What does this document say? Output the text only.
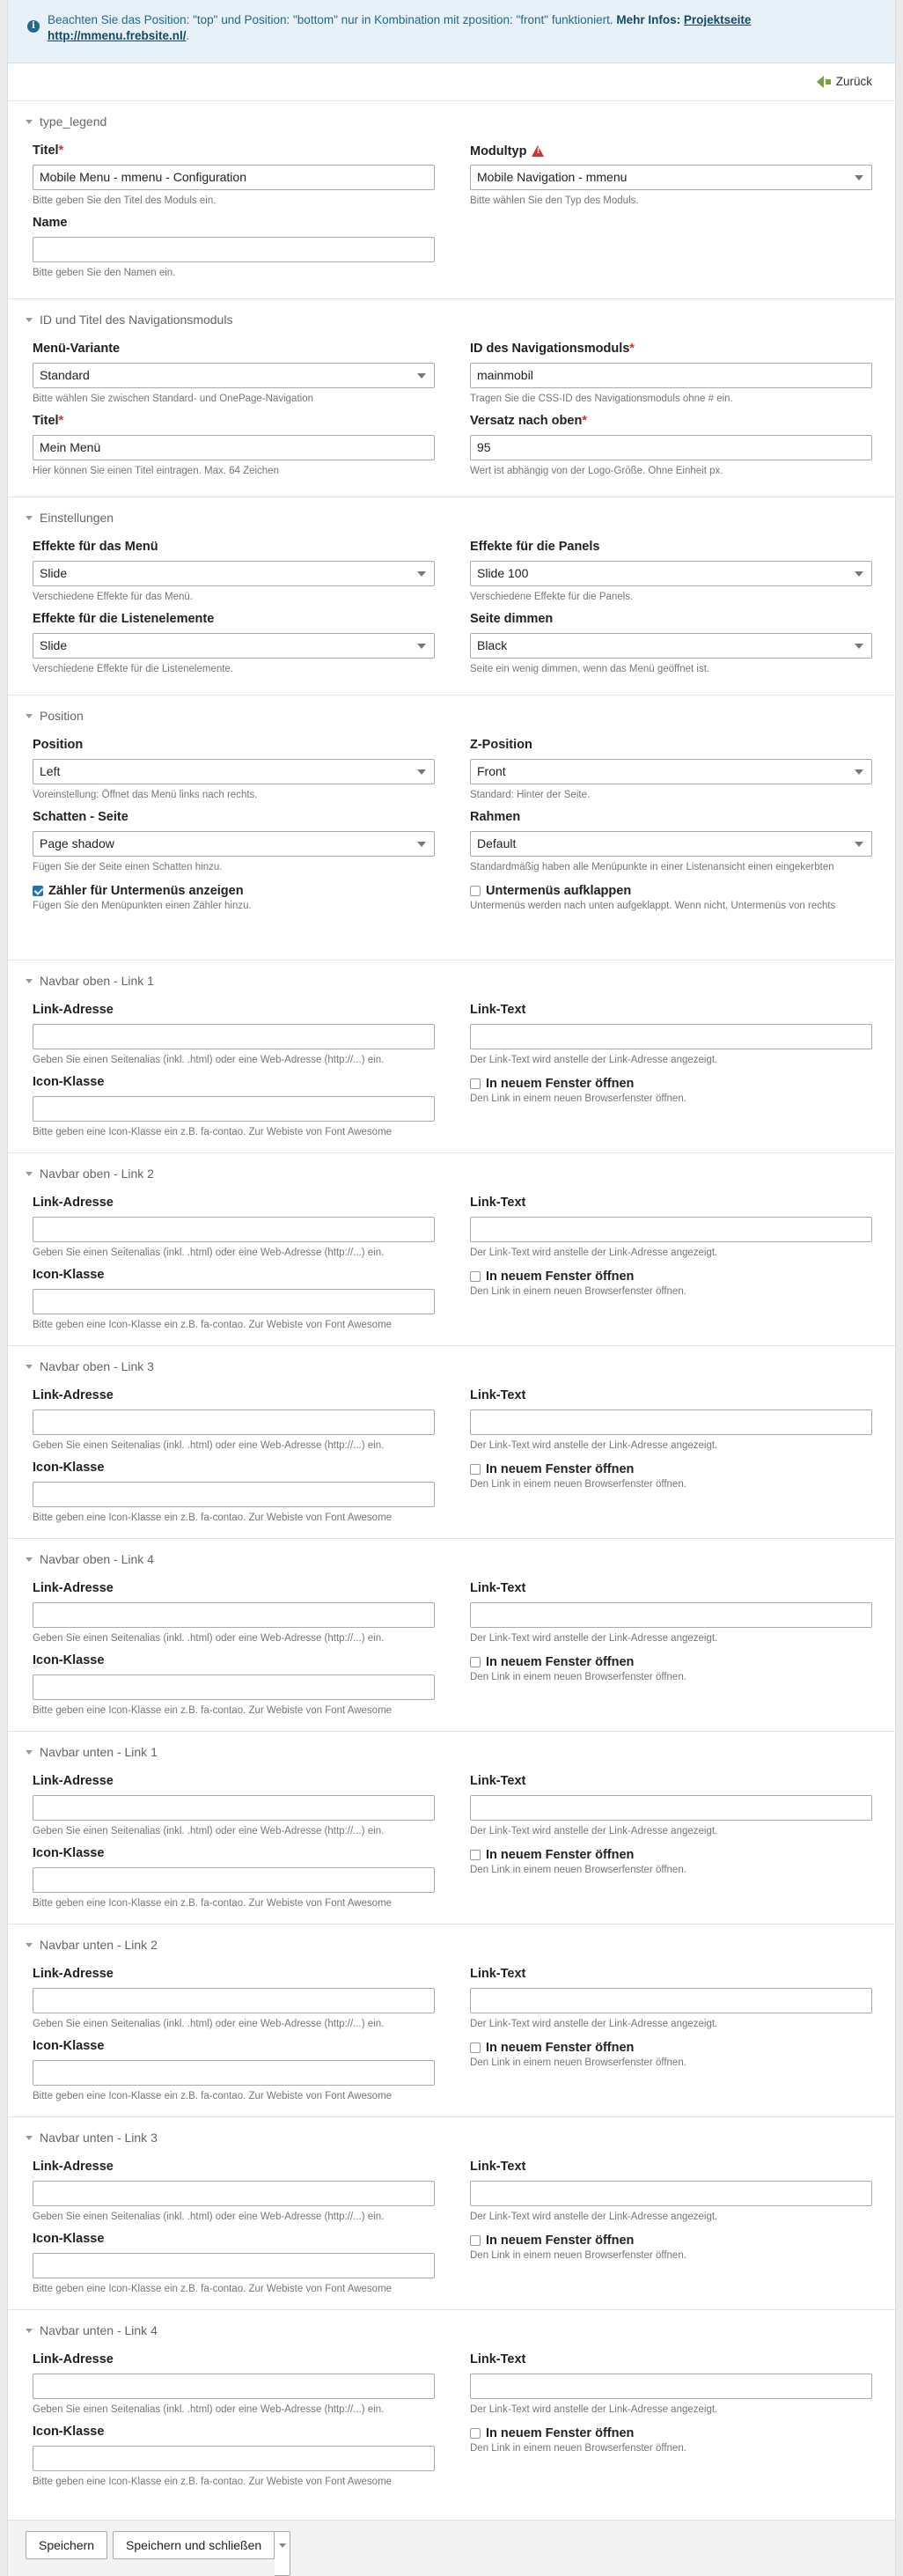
i	Beachten Sie das Position: "top" und Position: "bottom" nur in Kombination mit zposition: "front" funktioniert. Mehr Infos: Projektseite
http://mmenu.frebsite.nl/.
Zurück
type_legend
Titel*
Mobile Menu - mmenu - Configuration
Bitte geben Sie den Titel des Moduls ein.
Modultyp!
Mobile Navigation - mmenu
Bitte wählen Sie den Typ des Moduls.
Name
Bitte geben Sie den Namen ein.
ID und Titel des Navigationsmoduls
Menü-Variante
Standard
Bitte wählen Sie zwischen Standard- und OnePage-Navigation
ID des Navigationsmoduls*
mainmobil
Tragen Sie die CSS-ID des Navigationsmoduls ohne # ein.
Titel*
Mein Menü
Hier können Sie einen Titel eintragen. Max. 64 Zeichen
Versatz nach oben*
95
Wert ist abhängig von der Logo-Größe. Ohne Einheit px.
Einstellungen
Effekte für das Menü
Slide
Verschiedene Effekte für das Menü.
Effekte für die Panels
Slide 100
Verschiedene Effekte für die Panels.
Effekte für die Listenelemente
Slide
Verschiedene Effekte für die Listenelemente.
Seite dimmen
Black
Seite ein wenig dimmen, wenn das Menü geöffnet ist.
Position
Position
Left
Voreinstellung: Öffnet das Menü links nach rechts.
Z-Position
Front
Standard: Hinter der Seite.
Schatten - Seite
Page shadow
Fügen Sie der Seite einen Schatten hinzu.
Rahmen
Default
Standardmäßig haben alle Menüpunkte in einer Listenansicht einen eingekerbten
Zähler für Untermenüs anzeigen
Fügen Sie den Menüpunkten einen Zähler hinzu.
Untermenüs aufklappen
Untermenüs werden nach unten aufgeklappt. Wenn nicht, Untermenüs von rechts
Navbar oben - Link 1
Link-Adresse
Geben Sie einen Seitenalias (inkl. .html) oder eine Web-Adresse (http://...) ein.
Link-Text
Der Link-Text wird anstelle der Link-Adresse angezeigt.
Icon-Klasse
Bitte geben eine Icon-Klasse ein z.B. fa-contao. Zur Webiste von Font Awesome
In neuem Fenster öffnen
Den Link in einem neuen Browserfenster öffnen.
Navbar oben - Link 2
Link-Adresse
Geben Sie einen Seitenalias (inkl. .html) oder eine Web-Adresse (http://...) ein.
Link-Text
Der Link-Text wird anstelle der Link-Adresse angezeigt.
Icon-Klasse
Bitte geben eine Icon-Klasse ein z.B. fa-contao. Zur Webiste von Font Awesome
In neuem Fenster öffnen
Den Link in einem neuen Browserfenster öffnen.
Navbar oben - Link 3
Link-Adresse
Geben Sie einen Seitenalias (inkl. .html) oder eine Web-Adresse (http://...) ein.
Link-Text
Der Link-Text wird anstelle der Link-Adresse angezeigt.
Icon-Klasse
Bitte geben eine Icon-Klasse ein z.B. fa-contao. Zur Webiste von Font Awesome
In neuem Fenster öffnen
Den Link in einem neuen Browserfenster öffnen.
Navbar oben - Link 4
Link-Adresse
Geben Sie einen Seitenalias (inkl. .html) oder eine Web-Adresse (http://...) ein.
Link-Text
Der Link-Text wird anstelle der Link-Adresse angezeigt.
Icon-Klasse
Bitte geben eine Icon-Klasse ein z.B. fa-contao. Zur Webiste von Font Awesome
In neuem Fenster öffnen
Den Link in einem neuen Browserfenster öffnen.
Navbar unten - Link 1
Link-Adresse
Geben Sie einen Seitenalias (inkl. .html) oder eine Web-Adresse (http://...) ein.
Link-Text
Der Link-Text wird anstelle der Link-Adresse angezeigt.
Icon-Klasse
Bitte geben eine Icon-Klasse ein z.B. fa-contao. Zur Webiste von Font Awesome
In neuem Fenster öffnen
Den Link in einem neuen Browserfenster öffnen.
Navbar unten - Link 2
Link-Adresse
Geben Sie einen Seitenalias (inkl. .html) oder eine Web-Adresse (http://...) ein.
Link-Text
Der Link-Text wird anstelle der Link-Adresse angezeigt.
Icon-Klasse
Bitte geben eine Icon-Klasse ein z.B. fa-contao. Zur Webiste von Font Awesome
In neuem Fenster öffnen
Den Link in einem neuen Browserfenster öffnen.
Navbar unten - Link 3
Link-Adresse
Geben Sie einen Seitenalias (inkl. .html) oder eine Web-Adresse (http://...) ein.
Link-Text
Der Link-Text wird anstelle der Link-Adresse angezeigt.
Icon-Klasse
Bitte geben eine Icon-Klasse ein z.B. fa-contao. Zur Webiste von Font Awesome
In neuem Fenster öffnen
Den Link in einem neuen Browserfenster öffnen.
Navbar unten - Link 4
Link-Adresse
Geben Sie einen Seitenalias (inkl. .html) oder eine Web-Adresse (http://...) ein.
Link-Text
Der Link-Text wird anstelle der Link-Adresse angezeigt.
Icon-Klasse
Bitte geben eine Icon-Klasse ein z.B. fa-contao. Zur Webiste von Font Awesome
In neuem Fenster öffnen
Den Link in einem neuen Browserfenster öffnen.
Speichern	Speichern und schließen
